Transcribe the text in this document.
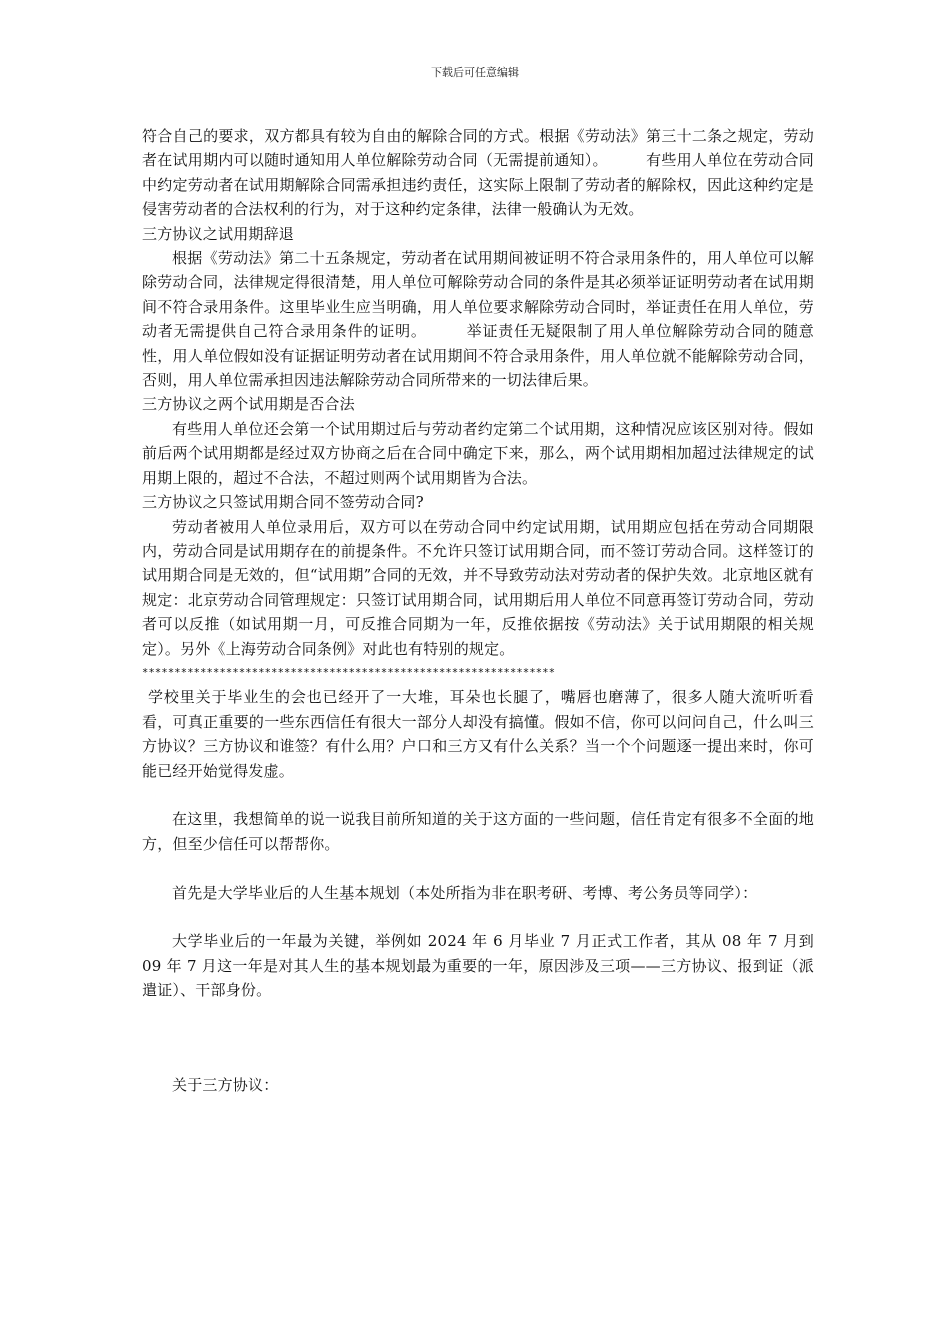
下载后可任意编辑

符合自己的要求，双方都具有较为自由的解除合同的方式。根据《劳动法》第三十二条之规定，劳动者在试用期内可以随时通知用人单位解除劳动合同（无需提前通知）。　　　有些用人单位在劳动合同中约定劳动者在试用期解除合同需承担违约责任，这实际上限制了劳动者的解除权，因此这种约定是侵害劳动者的合法权利的行为，对于这种约定条律，法律一般确认为无效。

三方协议之试用期辞退

根据《劳动法》第二十五条规定，劳动者在试用期间被证明不符合录用条件的，用人单位可以解除劳动合同，法律规定得很清楚，用人单位可解除劳动合同的条件是其必须举证证明劳动者在试用期间不符合录用条件。这里毕业生应当明确，用人单位要求解除劳动合同时，举证责任在用人单位，劳动者无需提供自己符合录用条件的证明。　　　举证责任无疑限制了用人单位解除劳动合同的随意性，用人单位假如没有证据证明劳动者在试用期间不符合录用条件，用人单位就不能解除劳动合同，否则，用人单位需承担因违法解除劳动合同所带来的一切法律后果。

三方协议之两个试用期是否合法

有些用人单位还会第一个试用期过后与劳动者约定第二个试用期，这种情况应该区别对待。假如前后两个试用期都是经过双方协商之后在合同中确定下来，那么，两个试用期相加超过法律规定的试用期上限的，超过不合法，不超过则两个试用期皆为合法。

三方协议之只签试用期合同不签劳动合同?

劳动者被用人单位录用后，双方可以在劳动合同中约定试用期，试用期应包括在劳动合同期限内，劳动合同是试用期存在的前提条件。不允许只签订试用期合同，而不签订劳动合同。这样签订的试用期合同是无效的，但“试用期”合同的无效，并不导致劳动法对劳动者的保护失效。北京地区就有规定：北京劳动合同管理规定：只签订试用期合同，试用期后用人单位不同意再签订劳动合同，劳动者可以反推（如试用期一月，可反推合同期为一年，反推依据按《劳动法》关于试用期限的相关规定）。另外《上海劳动合同条例》对此也有特别的规定。

****************************************************************

学校里关于毕业生的会也已经开了一大堆，耳朵也长腿了，嘴唇也磨薄了，很多人随大流听听看看，可真正重要的一些东西信任有很大一部分人却没有搞懂。假如不信，你可以问问自己，什么叫三方协议？三方协议和谁签？有什么用？户口和三方又有什么关系？当一个个问题逐一提出来时，你可能已经开始觉得发虚。

在这里，我想简单的说一说我目前所知道的关于这方面的一些问题，信任肯定有很多不全面的地方，但至少信任可以帮帮你。

首先是大学毕业后的人生基本规划（本处所指为非在职考研、考博、考公务员等同学）：

大学毕业后的一年最为关键，举例如 2024 年 6 月毕业 7 月正式工作者，其从 08 年 7 月到 09 年 7 月这一年是对其人生的基本规划最为重要的一年，原因涉及三项——三方协议、报到证（派遣证）、干部身份。

关于三方协议：
